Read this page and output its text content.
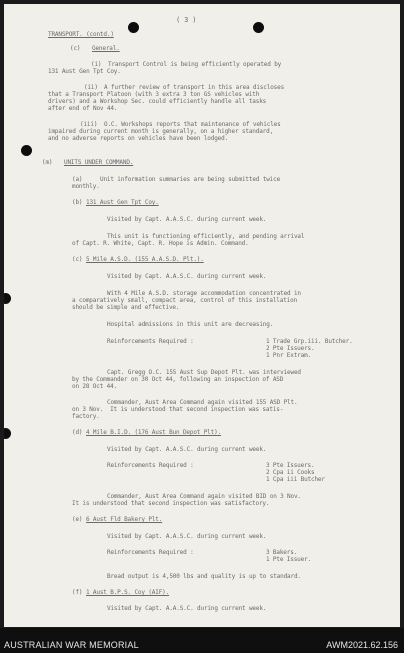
( 3 )
TRANSPORT. (contd.)
(c) General.
(i) Transport Control is being efficiently operated by
131 Aust Gen Tpt Coy.
(ii) A further review of transport in this area discloses
that a Transport Platoon (with 3 extra 3 ton GS vehicles with
drivers) and a Workshop Sec. could efficiently handle all tasks
after end of Nov 44.
(iii) O.C. Workshops reports that maintenance of vehicles
impaired during current month is generally, on a higher standard,
and no adverse reports on vehicles have been lodged.
(m) UNITS UNDER COMMAND.
(a)	Unit information summaries are being submitted twice
monthly.
(b) 131 Aust Gen Tpt Coy.
Visited by Capt. A.A.S.C. during current week.
This unit is functioning efficiently, and pending arrival
of Capt. R. White, Capt. R. Hope is Admin. Command.
(c) 5 Mile A.S.D. (155 A.A.S.D. Plt.).
Visited by Capt. A.A.S.C. during current week.
With 4 Mile A.S.D. storage accommodation concentrated in
a comparatively small, compact area, control of this installation
should be simple and effective.
Hospital admissions in this unit are decreasing.
Reinforcements Required :	1 Trade Grp.iii. Butcher.
2 Pte Issuers.
1 Pnr Extram.
Capt. Gregg O.C. 155 Aust Sup Depot Plt. was interviewed
by the Commander on 30 Oct 44, following an inspection of ASD
on 28 Oct 44.
Commander, Aust Area Command again visited 155 ASD Plt.
on 3 Nov.  It is understood that second inspection was satis-
factory.
(d) 4 Mile B.I.D. (176 Aust Bun Depot Plt).
Visited by Capt. A.A.S.C. during current week.
Reinforcements Required :	3 Pte Issuers.
2 Cpa ii Cooks
1 Cpa iii Butcher
Commander, Aust Area Command again visited BID on 3 Nov.
It is understood that second inspection was satisfactory.
(e) 6 Aust Fld Bakery Plt.
Visited by Capt. A.A.S.C. during current week.
Reinforcements Required :	3 Bakers.
1 Pte Issuer.
Bread output is 4,500 lbs and quality is up to standard.
(f) 1 Aust B.P.S. Coy (AIF).
Visited by Capt. A.A.S.C. during current week.
AUSTRALIAN WAR MEMORIAL	AWM2021.62.156
